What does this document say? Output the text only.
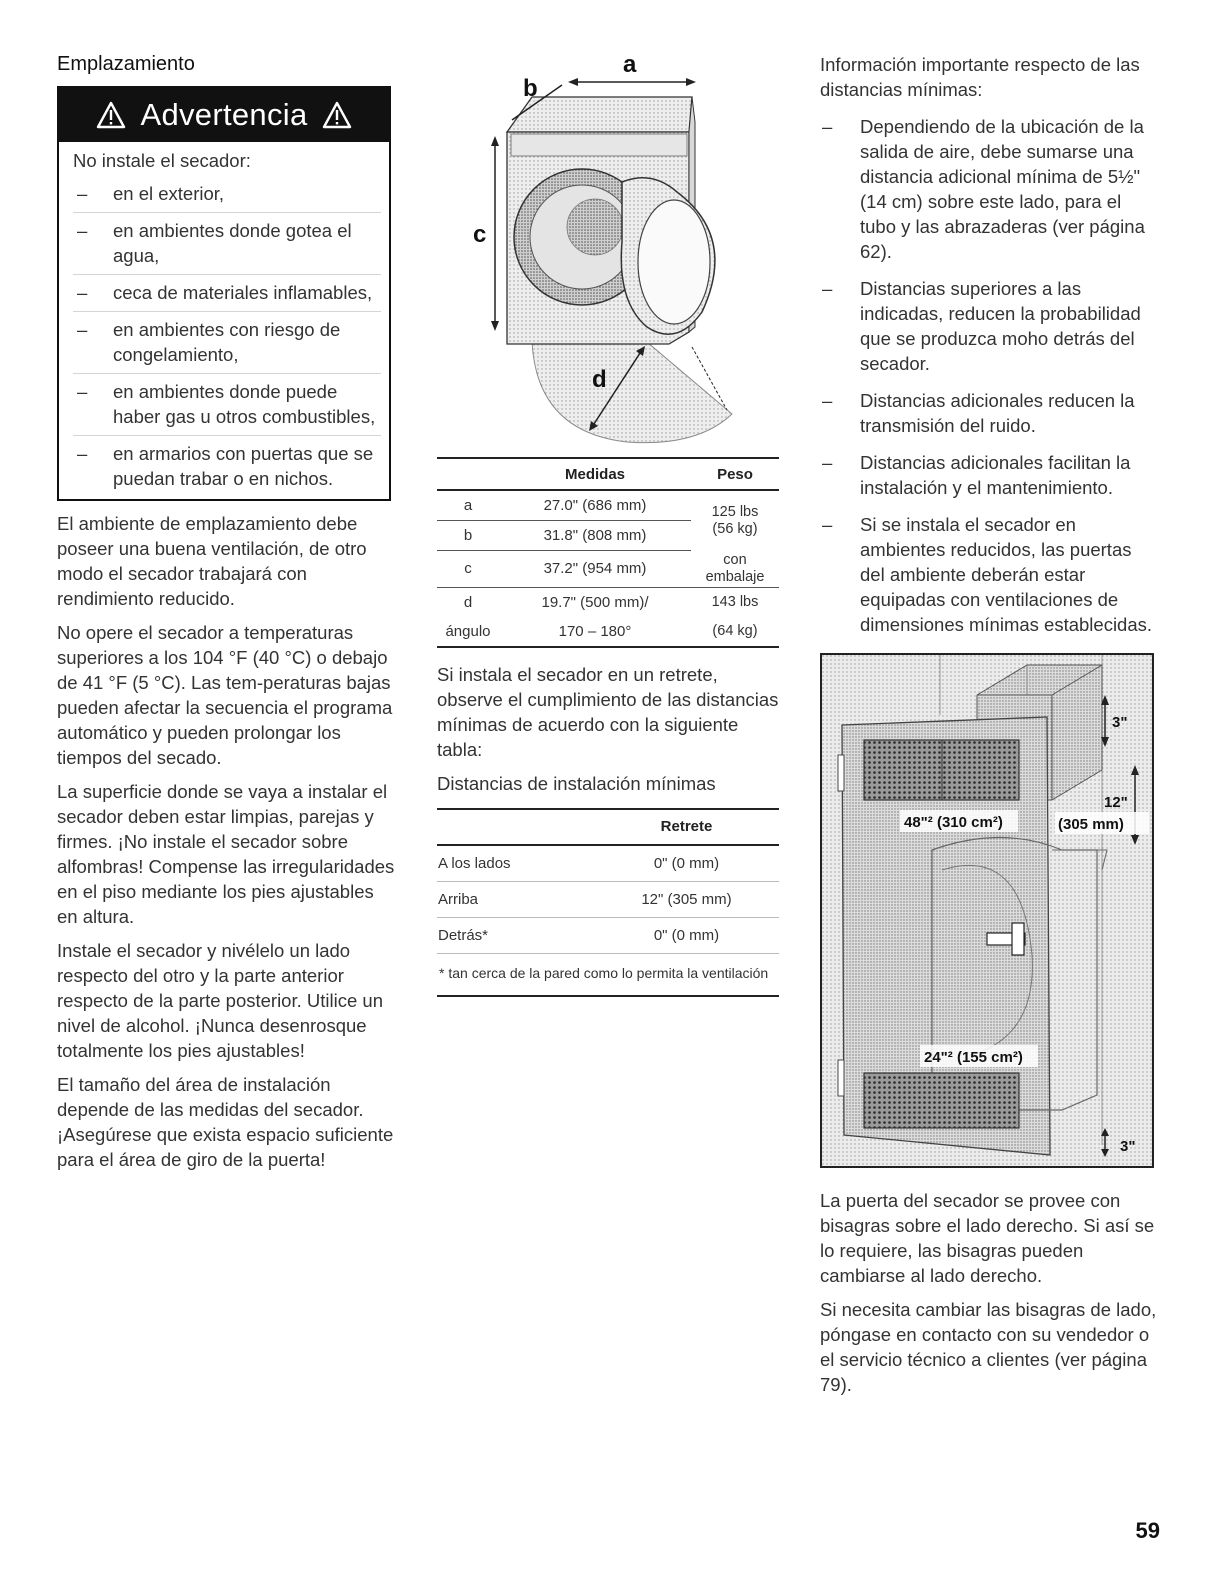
Emplazamiento
Advertencia

No instale el secador:

– en el exterior,
– en ambientes donde gotea el agua,
– ceca de materiales inflamables,
– en ambientes con riesgo de congelamiento,
– en ambientes donde puede haber gas u otros combustibles,
– en armarios con puertas que se puedan trabar o en nichos.

El ambiente de emplazamiento debe poseer una buena ventilación, de otro modo el secador trabajará con rendimiento reducido.

No opere el secador a temperaturas superiores a los 104 °F (40 °C) o debajo de 41 °F (5 °C). Las tem-peraturas bajas pueden afectar la secuencia el programa automático y pueden prolongar los tiempos del secado.

La superficie donde se vaya a instalar el secador deben estar limpias, parejas y firmes. ¡No instale el secador sobre alfombras! Compense las irregularidades en el piso mediante los pies ajustables en altura.

Instale el secador y nivélelo un lado respecto del otro y la parte anterior respecto de la parte posterior. Utilice un nivel de alcohol. ¡Nunca desenrosque totalmente los pies ajustables!

El tamaño del área de instalación depende de las medidas del secador. ¡Asegúrese que exista espacio suficiente para el área de giro de la puerta!

a
b
c
d
	Medidas	Peso
a	27.0" (686 mm)	125 lbs
(56 kg)

b	31.8" (808 mm)	
c	37.2" (954 mm)	con
embalaje

d	19.7" (500 mm)/	143 lbs
ángulo	170 – 180°	(64 kg)

Si instala el secador en un retrete, observe el cumplimiento de las distancias mínimas de acuerdo con la siguiente tabla:

Distancias de instalación mínimas

	Retrete
A los lados	0" (0 mm)
Arriba	12" (305 mm)
Detrás*	0" (0 mm)
* tan cerca de la pared como lo permita la ventilación	

Información importante respecto de las distancias mínimas:

– Dependiendo de la ubicación de la salida de aire, debe sumarse una distancia adicional mínima de 5½" (14 cm) sobre este lado, para el tubo y las abrazaderas (ver página 62).
– Distancias superiores a las indicadas, reducen la probabilidad que se produzca moho detrás del secador.
– Distancias adicionales reducen la transmisión del ruido.
– Distancias adicionales facilitan la instalación y el mantenimiento.
– Si se instala el secador en ambientes reducidos, las puertas del ambiente deberán estar equipadas con ventilaciones de dimensiones mínimas establecidas.
3"
12"
(305 mm)
48"² (310 cm²)
24"² (155 cm²)
3"

La puerta del secador se provee con bisagras sobre el lado derecho. Si así se lo requiere, las bisagras pueden cambiarse al lado derecho.

Si necesita cambiar las bisagras de lado, póngase en contacto con su vendedor o el servicio técnico a clientes (ver página 79).

59
